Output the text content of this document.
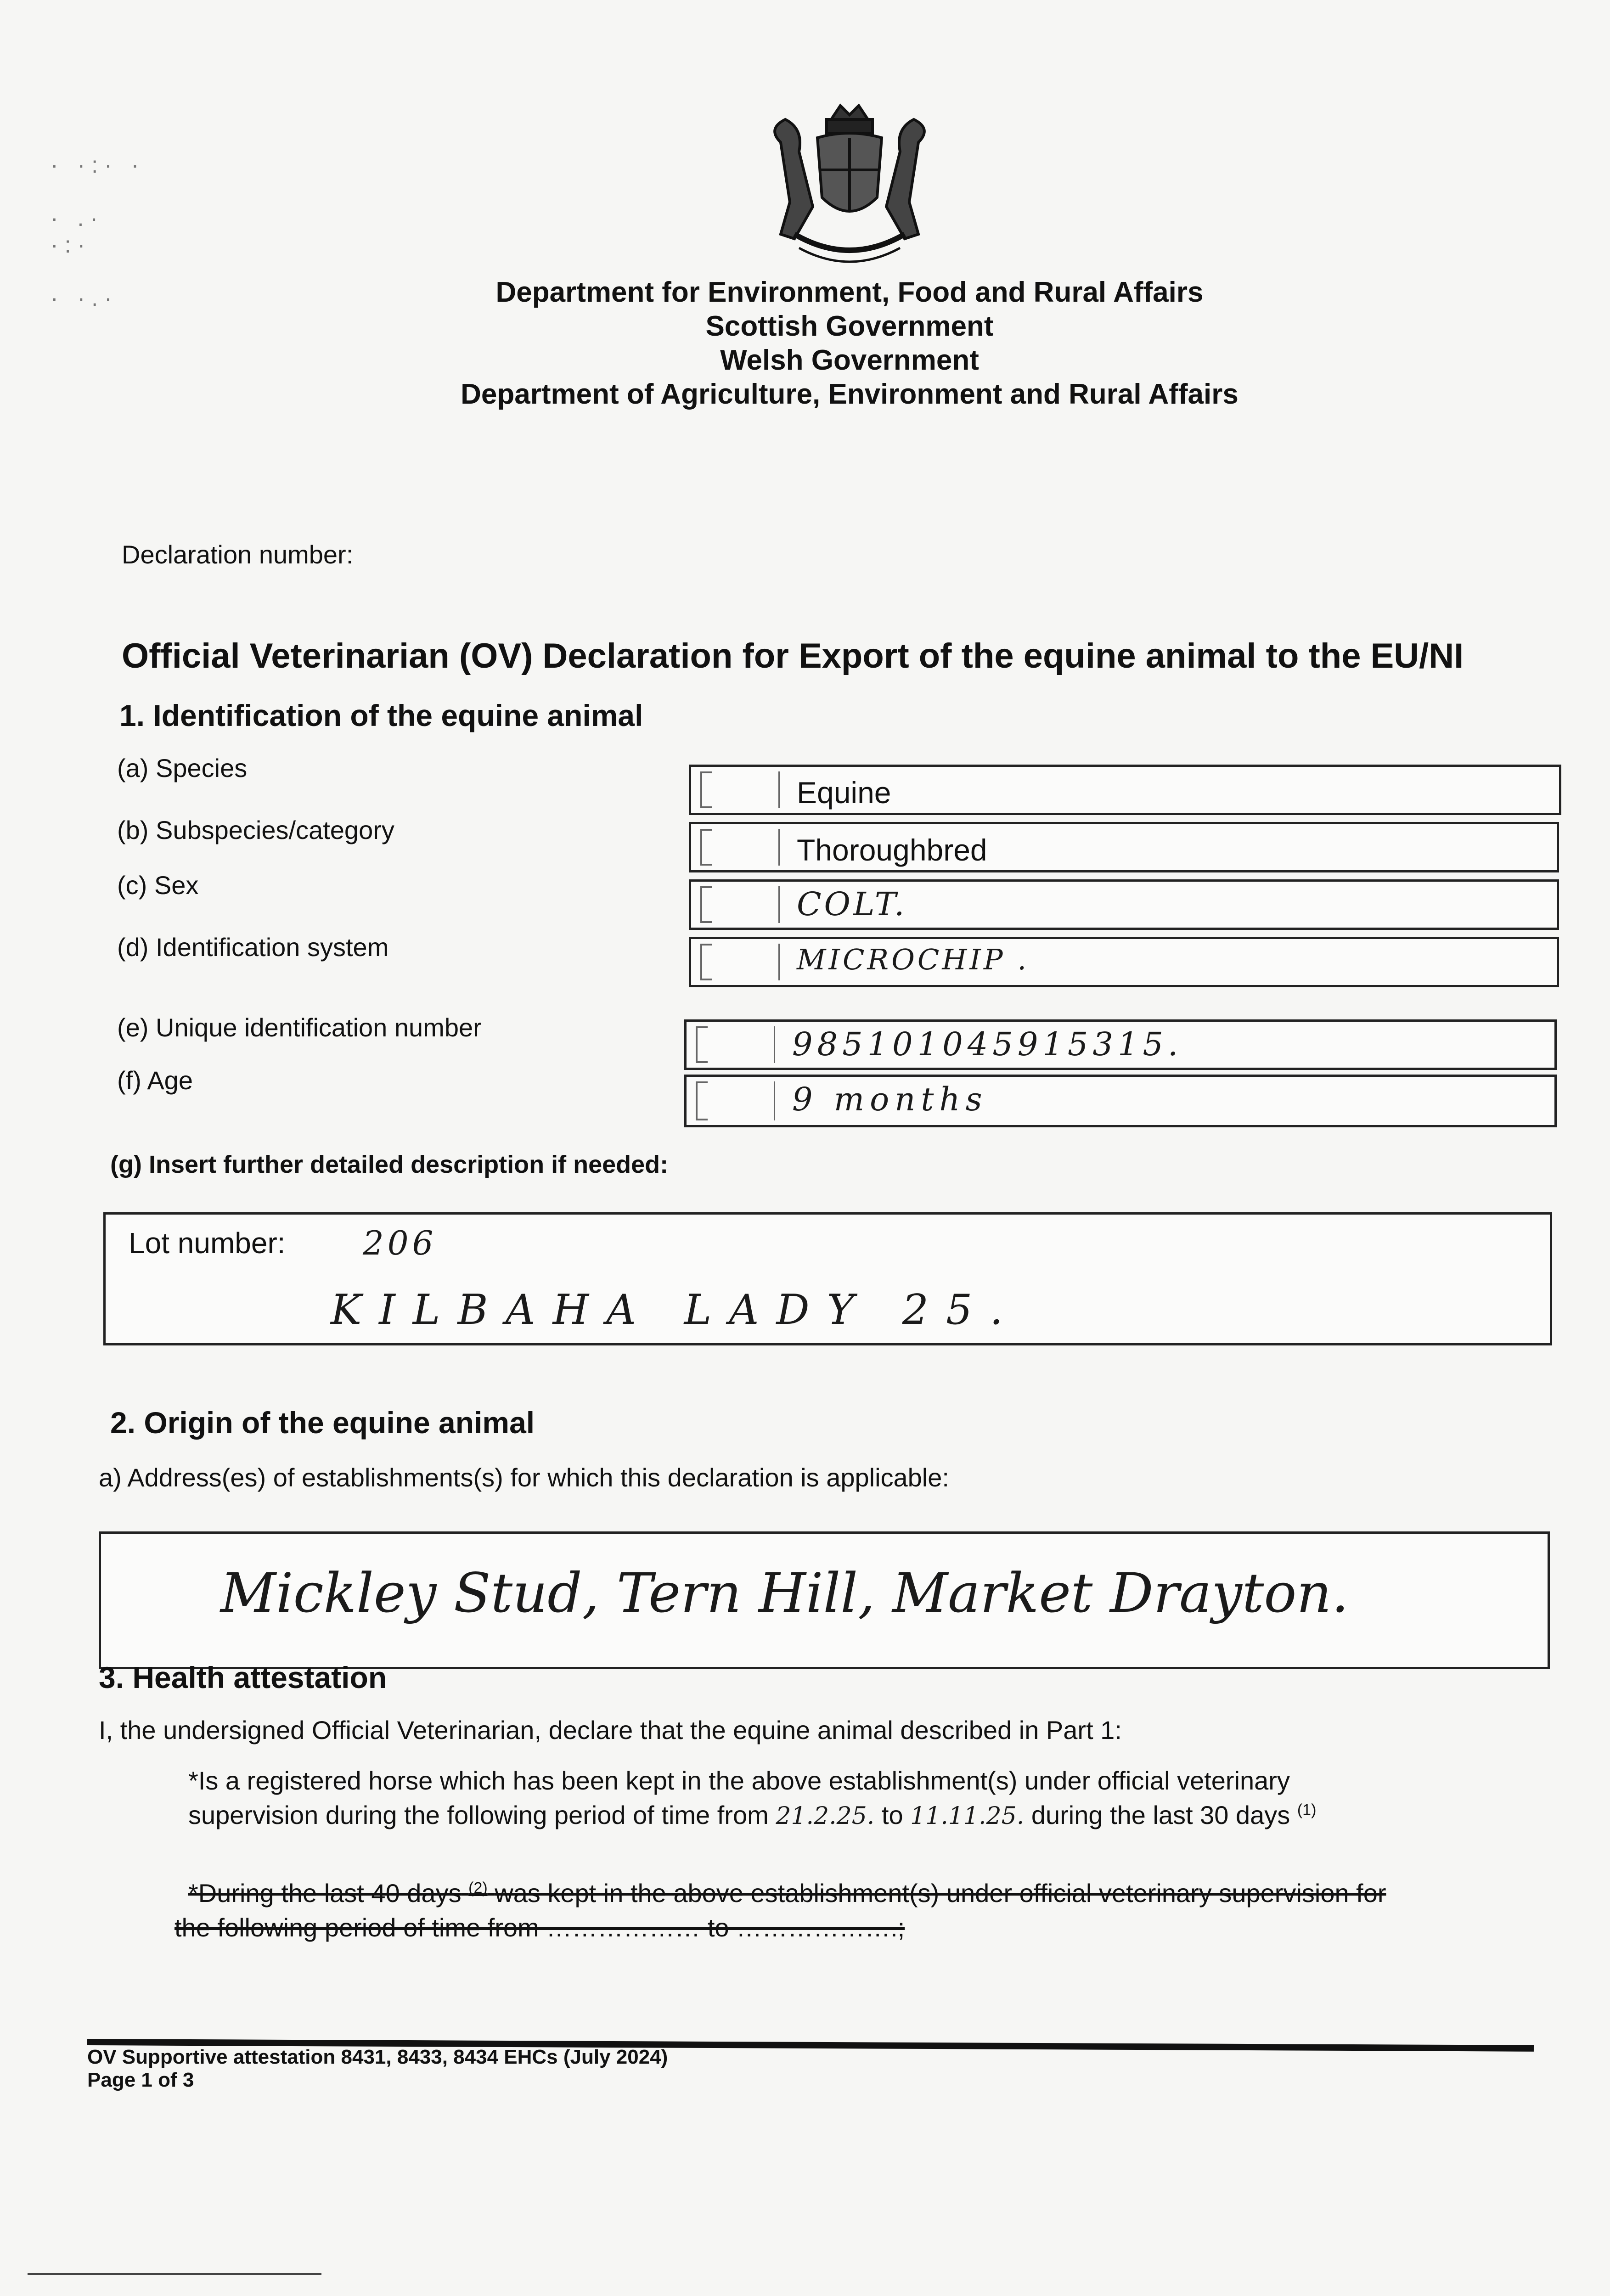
· ·:· ·

· .·
·:·

· ·.·	Department for Environment, Food and Rural Affairs
Scottish Government
Welsh Government
Department of Agriculture, Environment and Rural Affairs
Declaration number:
Official Veterinarian (OV) Declaration for Export of the equine animal to the EU/NI
1. Identification of the equine animal
(a) Species
(b) Subspecies/category
(c) Sex
(d) Identification system
(e) Unique identification number
(f) Age
Equine
Thoroughbred
COLT.
MICROCHIP .
985101045915315.
9 months
(g) Insert further detailed description if needed:
Lot number: 206
KILBAHA LADY 25.
2. Origin of the equine animal
a) Address(es) of establishments(s) for which this declaration is applicable:
Mickley Stud, Tern Hill, Market Drayton.
3. Health attestation
I, the undersigned Official Veterinarian, declare that the equine animal described in Part 1:
*Is a registered horse which has been kept in the above establishment(s) under official veterinary
supervision during the following period of time from 21.2.25. to 11.11.25. during the last 30 days $^{(1)}$
*During the last 40 days $^{(2)}$ was kept in the above establishment(s) under official veterinary supervision for
the following period of time from ……………… to ……………….;
OV Supportive attestation 8431, 8433, 8434 EHCs (July 2024)
Page 1 of 3
